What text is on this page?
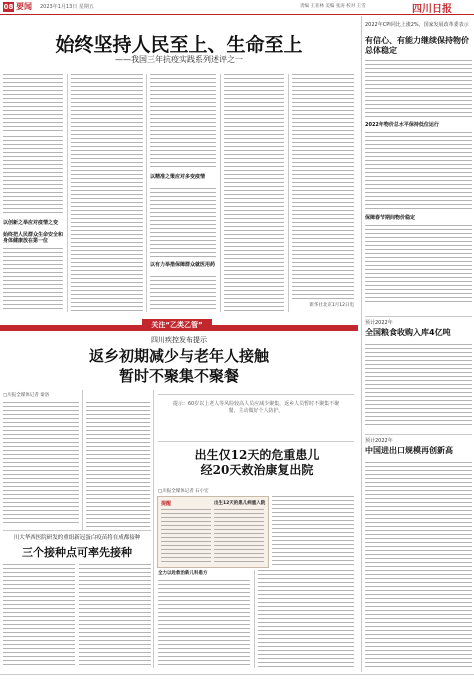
08 要闻 2023年1月13日 星期五	责编 王亚林 美编 张涛 校对 王雪	四川日报
始终坚持人民至上、生命至上
——我国三年抗疫实践系列述评之一
以创新之举应对疫情之变
始终把人民群众生命安全和身体健康放在第一位
以精准之策应对多变疫情
以有力举措保障群众就医用药
新华社北京1月12日电
2022年CPI同比上涨2%，国家发展改革委表示
有信心、有能力继续保持物价总体稳定
2022年物价总水平保持低位运行
保障春节期间物价稳定
预计2022年
全国粮食收购入库4亿吨
预计2022年
中国进出口规模再创新高
关注“乙类乙管”
四川疾控发布提示
返乡初期减少与老年人接触
暂时不聚集不聚餐
□川报全媒体记者 秦洛
提示：60岁以上老人等风险较高人员应减少聚集，返乡人员暂时不聚集不聚餐，主动做好个人防护。
出生仅12天的危重患儿经20天救治康复出院
□川报全媒体记者 石小宏
提醒	出生12天的患儿病重入院
全力以赴救治新儿科患方
川大华西医院研发的重组新冠蛋白疫苗将在成都接种
三个接种点可率先接种
